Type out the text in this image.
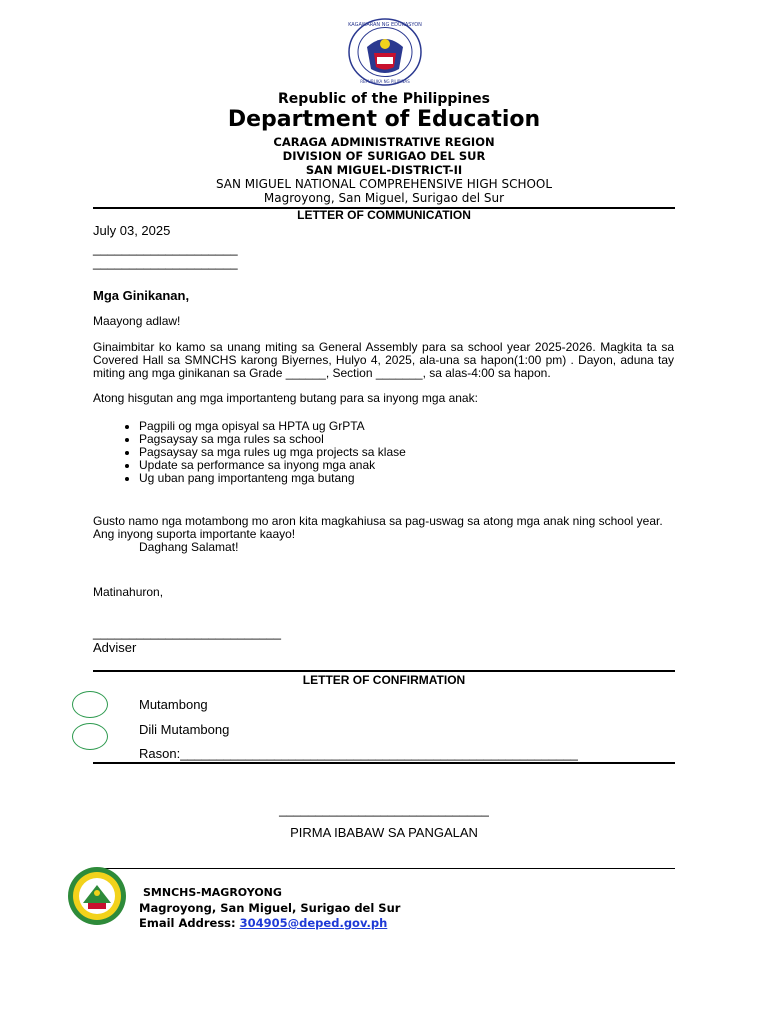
KAGAWARAN NG EDUKASYON
REPUBLIKA NG PILIPINAS
Republic of the Philippines
Department of Education
CARAGA ADMINISTRATIVE REGION
DIVISION OF SURIGAO DEL SUR
SAN MIGUEL-DISTRICT-II
SAN MIGUEL NATIONAL COMPREHENSIVE HIGH SCHOOL
Magroyong, San Miguel, Surigao del Sur
LETTER OF COMMUNICATION
July 03, 2025
____________________
____________________
Mga Ginikanan,
Maayong adlaw!
Ginaimbitar ko kamo sa unang miting sa General Assembly para sa school year 2025-2026. Magkita ta sa Covered Hall sa SMNCHS karong Biyernes, Hulyo 4, 2025, ala-una sa hapon(1:00 pm) . Dayon, aduna tay miting ang mga ginikanan sa Grade ______, Section _______, sa alas-4:00 sa hapon.
Atong hisgutan ang mga importanteng butang para sa inyong mga anak:
• Pagpili og mga opisyal sa HPTA ug GrPTA
• Pagsaysay sa mga rules sa school
• Pagsaysay sa mga rules ug mga projects sa klase
• Update sa performance sa inyong mga anak
• Ug uban pang importanteng mga butang
Gusto namo nga motambong mo aron kita magkahiusa sa pag-uswag sa atong mga anak ning school year. Ang inyong suporta importante kaayo!
Daghang Salamat!
Matinahuron,
__________________________
Adviser
LETTER OF CONFIRMATION
Mutambong
Dili Mutambong
Rason:_______________________________________________________
_____________________________
PIRMA IBABAW SA PANGALAN
SMNCHS-MAGROYONG
Magroyong, San Miguel, Surigao del Sur
Email Address: 304905@deped.gov.ph
